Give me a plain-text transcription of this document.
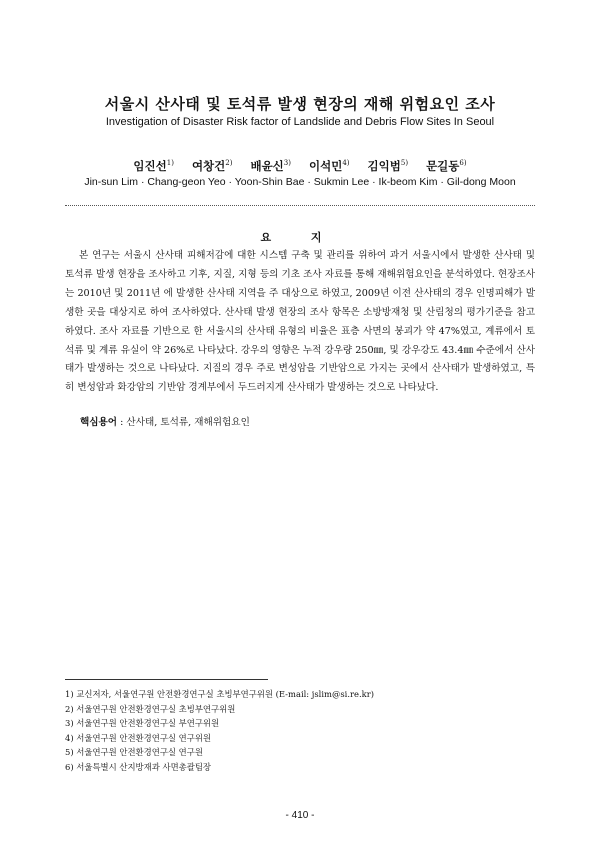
서울시 산사태 및 토석류 발생 현장의 재해 위험요인 조사
Investigation of Disaster Risk factor of Landslide and Debris Flow Sites In Seoul
임진선$^{1)}$ 여창건$^{2)}$ 배윤신$^{3)}$ 이석민$^{4)}$ 김익범$^{5)}$ 문길동$^{6)}$
Jin-sun Lim · Chang-geon Yeo · Yoon-Shin Bae · Sukmin Lee · Ik-beom Kim · Gil-dong Moon
요 지

본 연구는 서울시 산사태 피해저감에 대한 시스템 구축 및 관리를 위하여 과거 서울시에서 발생한 산사태 및 토석류 발생 현장을 조사하고 기후, 지질, 지형 등의 기초 조사 자료를 통해 재해위험요인을 분석하였다. 현장조사는 2010년 및 2011년 에 발생한 산사태 지역을 주 대상으로 하였고, 2009년 이전 산사태의 경우 인명피해가 발생한 곳을 대상지로 하여 조사하였다. 산사태 발생 현장의 조사 항목은 소방방재청 및 산림청의 평가기준을 참고하였다. 조사 자료를 기반으로 한 서울시의 산사태 유형의 비율은 표층 사면의 붕괴가 약 47%였고, 계류에서 토석류 및 계류 유실이 약 26%로 나타났다. 강우의 영향은 누적 강우량 250㎜, 및 강우강도 43.4㎜ 수준에서 산사태가 발생하는 것으로 나타났다. 지질의 경우 주로 변성암을 기반암으로 가지는 곳에서 산사태가 발생하였고, 특히 변성암과 화강암의 기반암 경계부에서 두드러지게 산사태가 발생하는 것으로 나타났다.

핵심용어 : 산사태, 토석류, 재해위험요인
1) 교신저자, 서울연구원 안전환경연구실 초빙부연구위원 (E-mail: jslim@si.re.kr)
2) 서울연구원 안전환경연구실 초빙부연구위원
3) 서울연구원 안전환경연구실 부연구위원
4) 서울연구원 안전환경연구실 연구위원
5) 서울연구원 안전환경연구실 연구원
6) 서울특별시 산지방재과 사면총괄팀장
- 410 -
